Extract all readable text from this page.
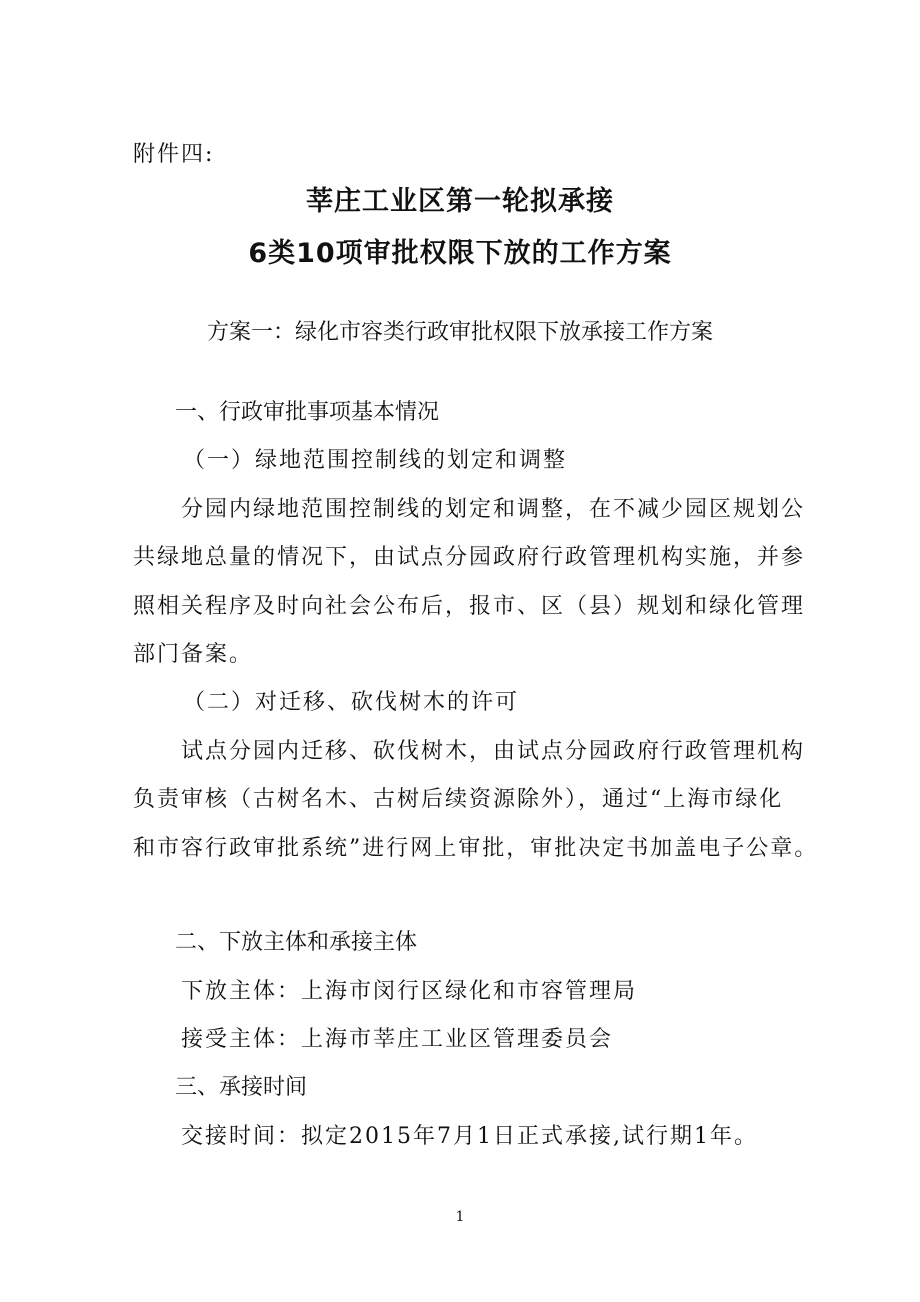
附件四:
莘庄工业区第一轮拟承接
6类10项审批权限下放的工作方案
方案一：绿化市容类行政审批权限下放承接工作方案
一、行政审批事项基本情况
（一）绿地范围控制线的划定和调整
分园内绿地范围控制线的划定和调整，在不减少园区规划公
共绿地总量的情况下，由试点分园政府行政管理机构实施，并参
照相关程序及时向社会公布后，报市、区（县）规划和绿化管理
部门备案。
（二）对迁移、砍伐树木的许可
试点分园内迁移、砍伐树木，由试点分园政府行政管理机构
负责审核（古树名木、古树后续资源除外），通过“上海市绿化
和市容行政审批系统”进行网上审批，审批决定书加盖电子公章。
二、下放主体和承接主体
下放主体：上海市闵行区绿化和市容管理局
接受主体：上海市莘庄工业区管理委员会
三、承接时间
交接时间：拟定2015年7月1日正式承接,试行期1年。
1
